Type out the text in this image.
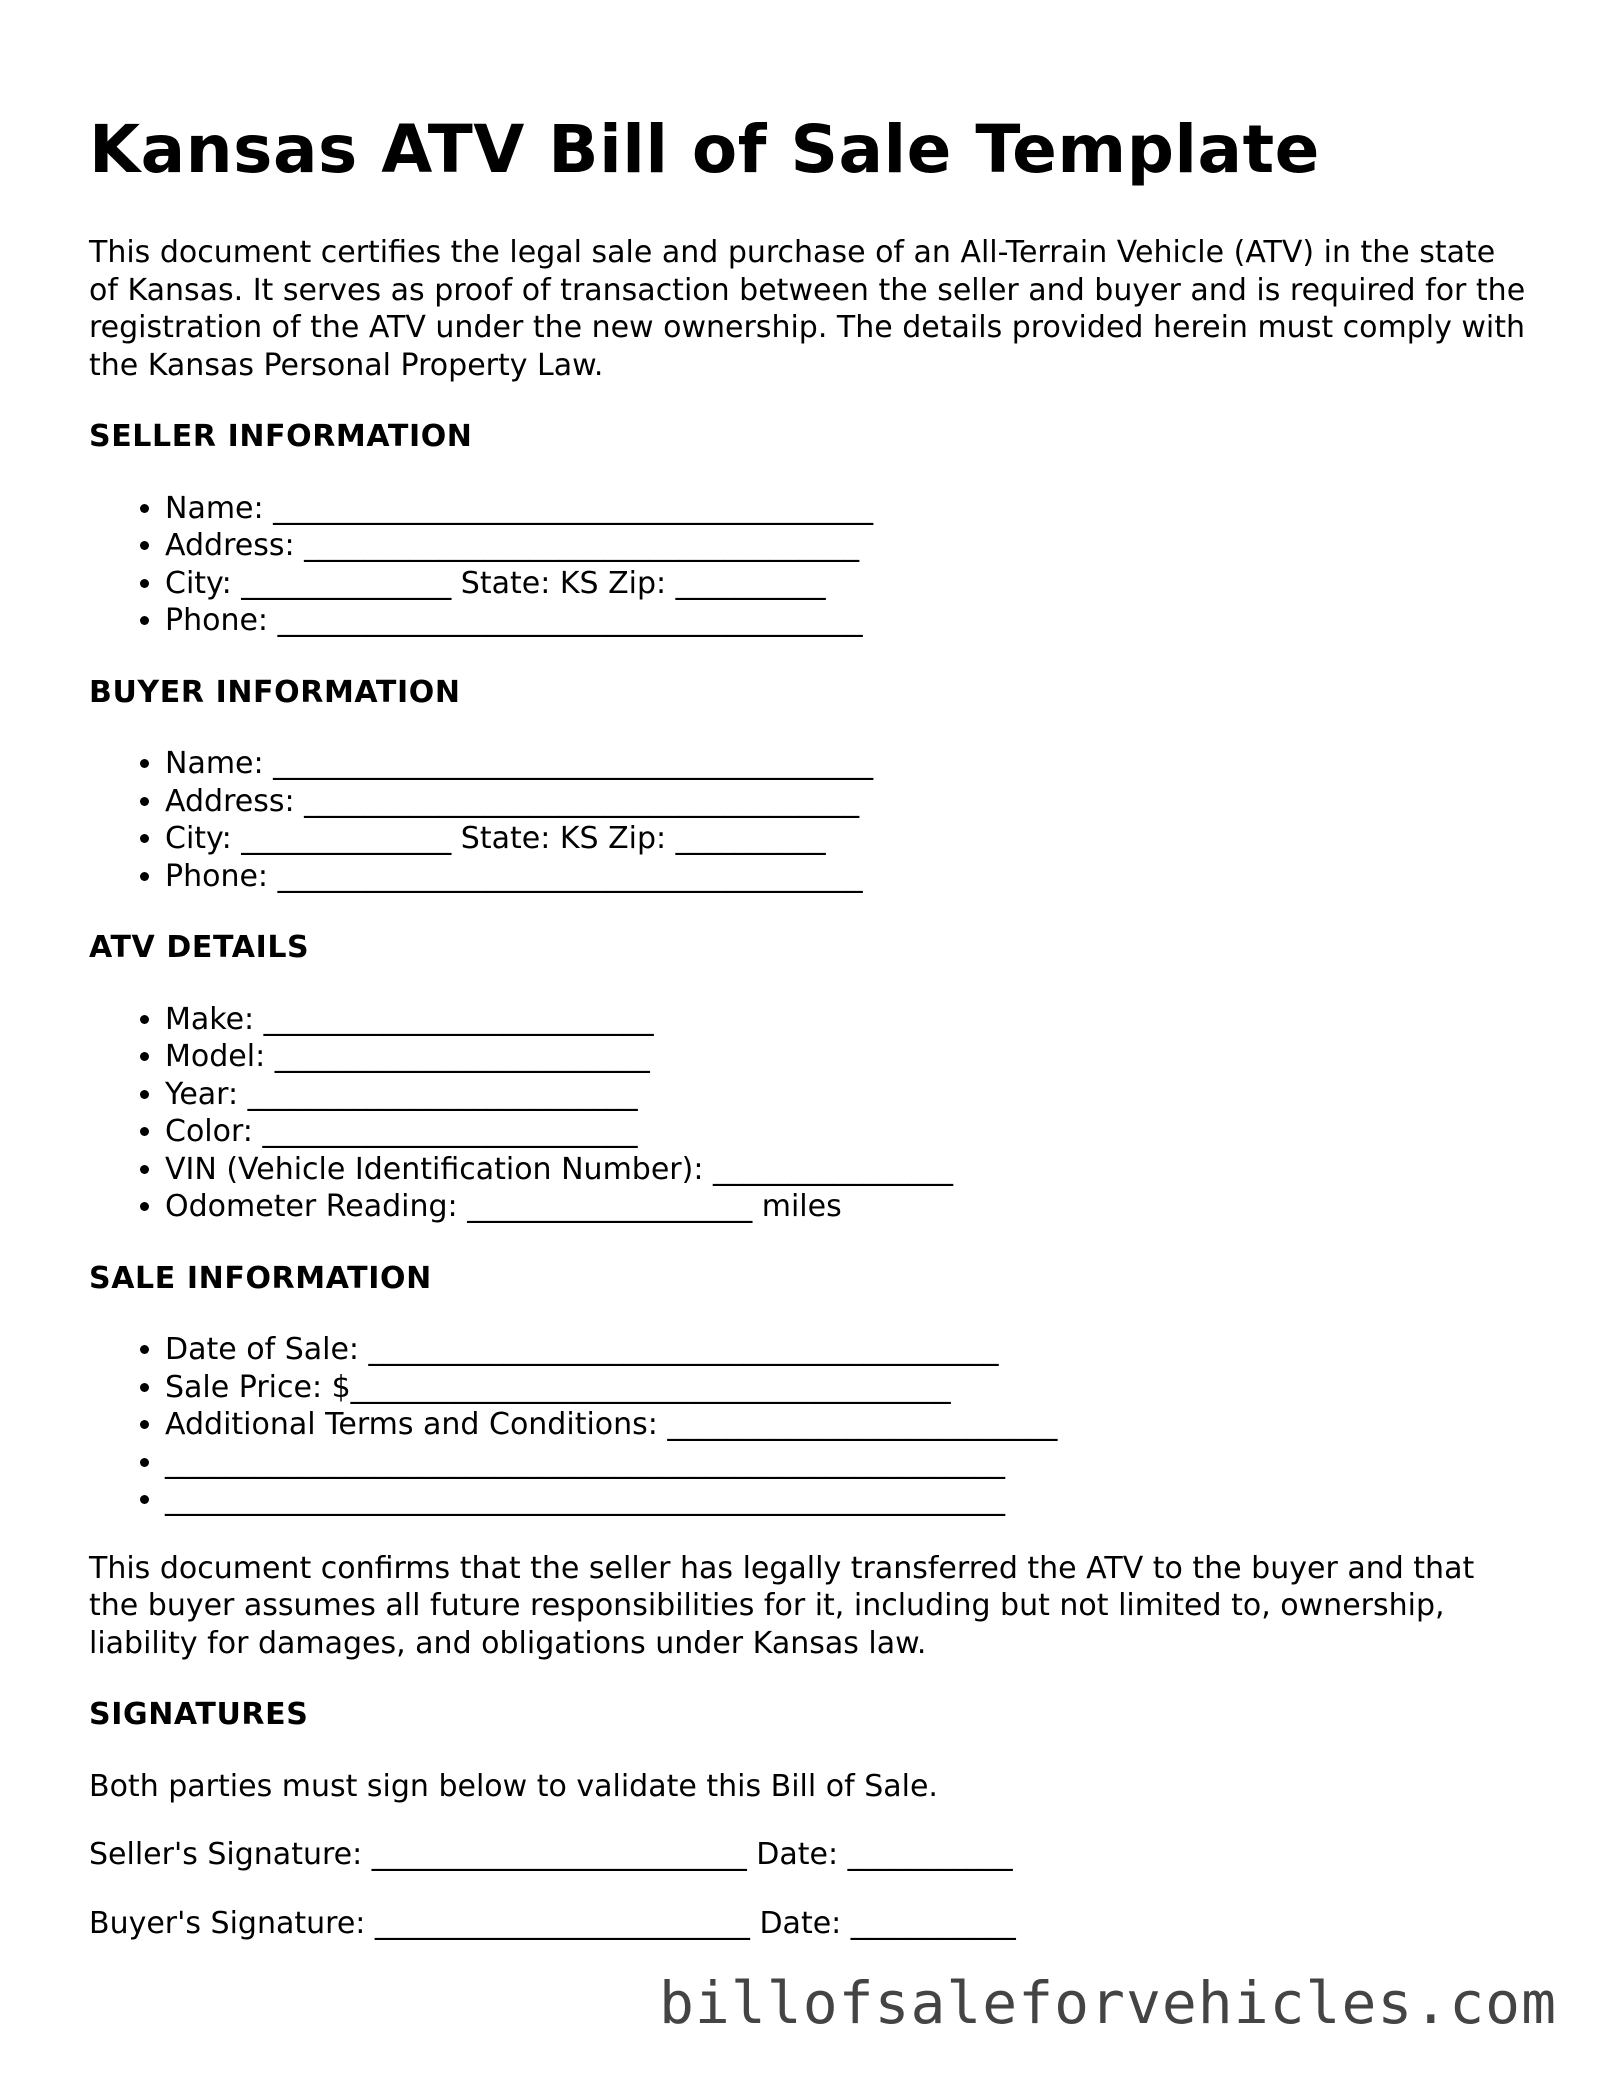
Kansas ATV Bill of Sale Template

This document certifies the legal sale and purchase of an All-Terrain Vehicle (ATV) in the state of Kansas. It serves as proof of transaction between the seller and buyer and is required for the registration of the ATV under the new ownership. The details provided herein must comply with the Kansas Personal Property Law.

SELLER INFORMATION
• Name: ________________________________________
• Address: _____________________________________
• City: ______________ State: KS Zip: __________
• Phone: _______________________________________
BUYER INFORMATION
• Name: ________________________________________
• Address: _____________________________________
• City: ______________ State: KS Zip: __________
• Phone: _______________________________________
ATV DETAILS
• Make: __________________________
• Model: _________________________
• Year: __________________________
• Color: _________________________
• VIN (Vehicle Identification Number): ________________
• Odometer Reading: ___________________ miles
SALE INFORMATION
• Date of Sale: __________________________________________
• Sale Price: $________________________________________
• Additional Terms and Conditions: __________________________
• ________________________________________________________
• ________________________________________________________

This document confirms that the seller has legally transferred the ATV to the buyer and that the buyer assumes all future responsibilities for it, including but not limited to, ownership, liability for damages, and obligations under Kansas law.

SIGNATURES

Both parties must sign below to validate this Bill of Sale.

Seller's Signature: _________________________ Date: ___________

Buyer's Signature: _________________________ Date: ___________

billofsaleforvehicles.com
